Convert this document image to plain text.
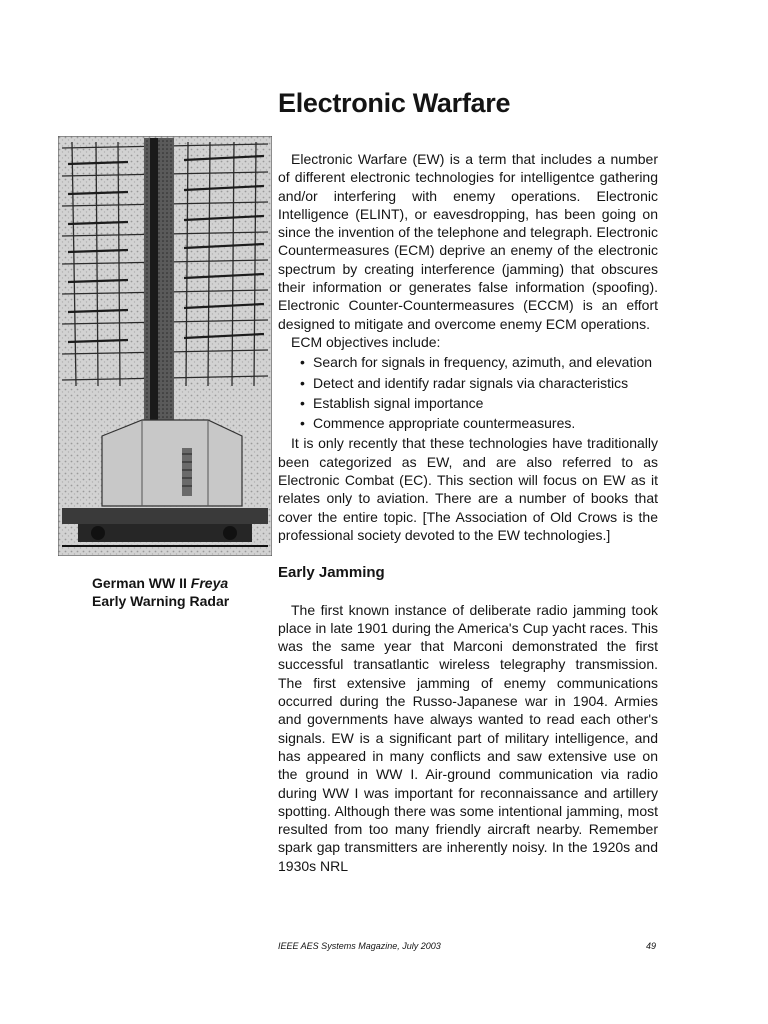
Electronic Warfare
German WW II Freya
Early Warning Radar

Electronic Warfare (EW) is a term that includes a number of different electronic technologies for intelligentce gathering and/or interfering with enemy operations. Electronic Intelligence (ELINT), or eavesdropping, has been going on since the invention of the telephone and telegraph. Electronic Countermeasures (ECM) deprive an enemy of the electronic spectrum by creating interference (jamming) that obscures their information or generates false information (spoofing). Electronic Counter-Countermeasures (ECCM) is an effort designed to mitigate and overcome enemy ECM operations.

ECM objectives include:

• Search for signals in frequency, azimuth, and elevation
• Detect and identify radar signals via characteristics
• Establish signal importance
• Commence appropriate countermeasures.

It is only recently that these technologies have traditionally been categorized as EW, and are also referred to as Electronic Combat (EC). This section will focus on EW as it relates only to aviation. There are a number of books that cover the entire topic. [The Association of Old Crows is the professional society devoted to the EW technologies.]

Early Jamming

The first known instance of deliberate radio jamming took place in late 1901 during the America's Cup yacht races. This was the same year that Marconi demonstrated the first successful transatlantic wireless telegraphy transmission. The first extensive jamming of enemy communications occurred during the Russo-Japanese war in 1904. Armies and governments have always wanted to read each other's signals. EW is a significant part of military intelligence, and has appeared in many conflicts and saw extensive use on the ground in WW I. Air-ground communication via radio during WW I was important for reconnaissance and artillery spotting. Although there was some intentional jamming, most resulted from too many friendly aircraft nearby. Remember spark gap transmitters are inherently noisy. In the 1920s and 1930s NRL

IEEE AES Systems Magazine, July 2003	49
